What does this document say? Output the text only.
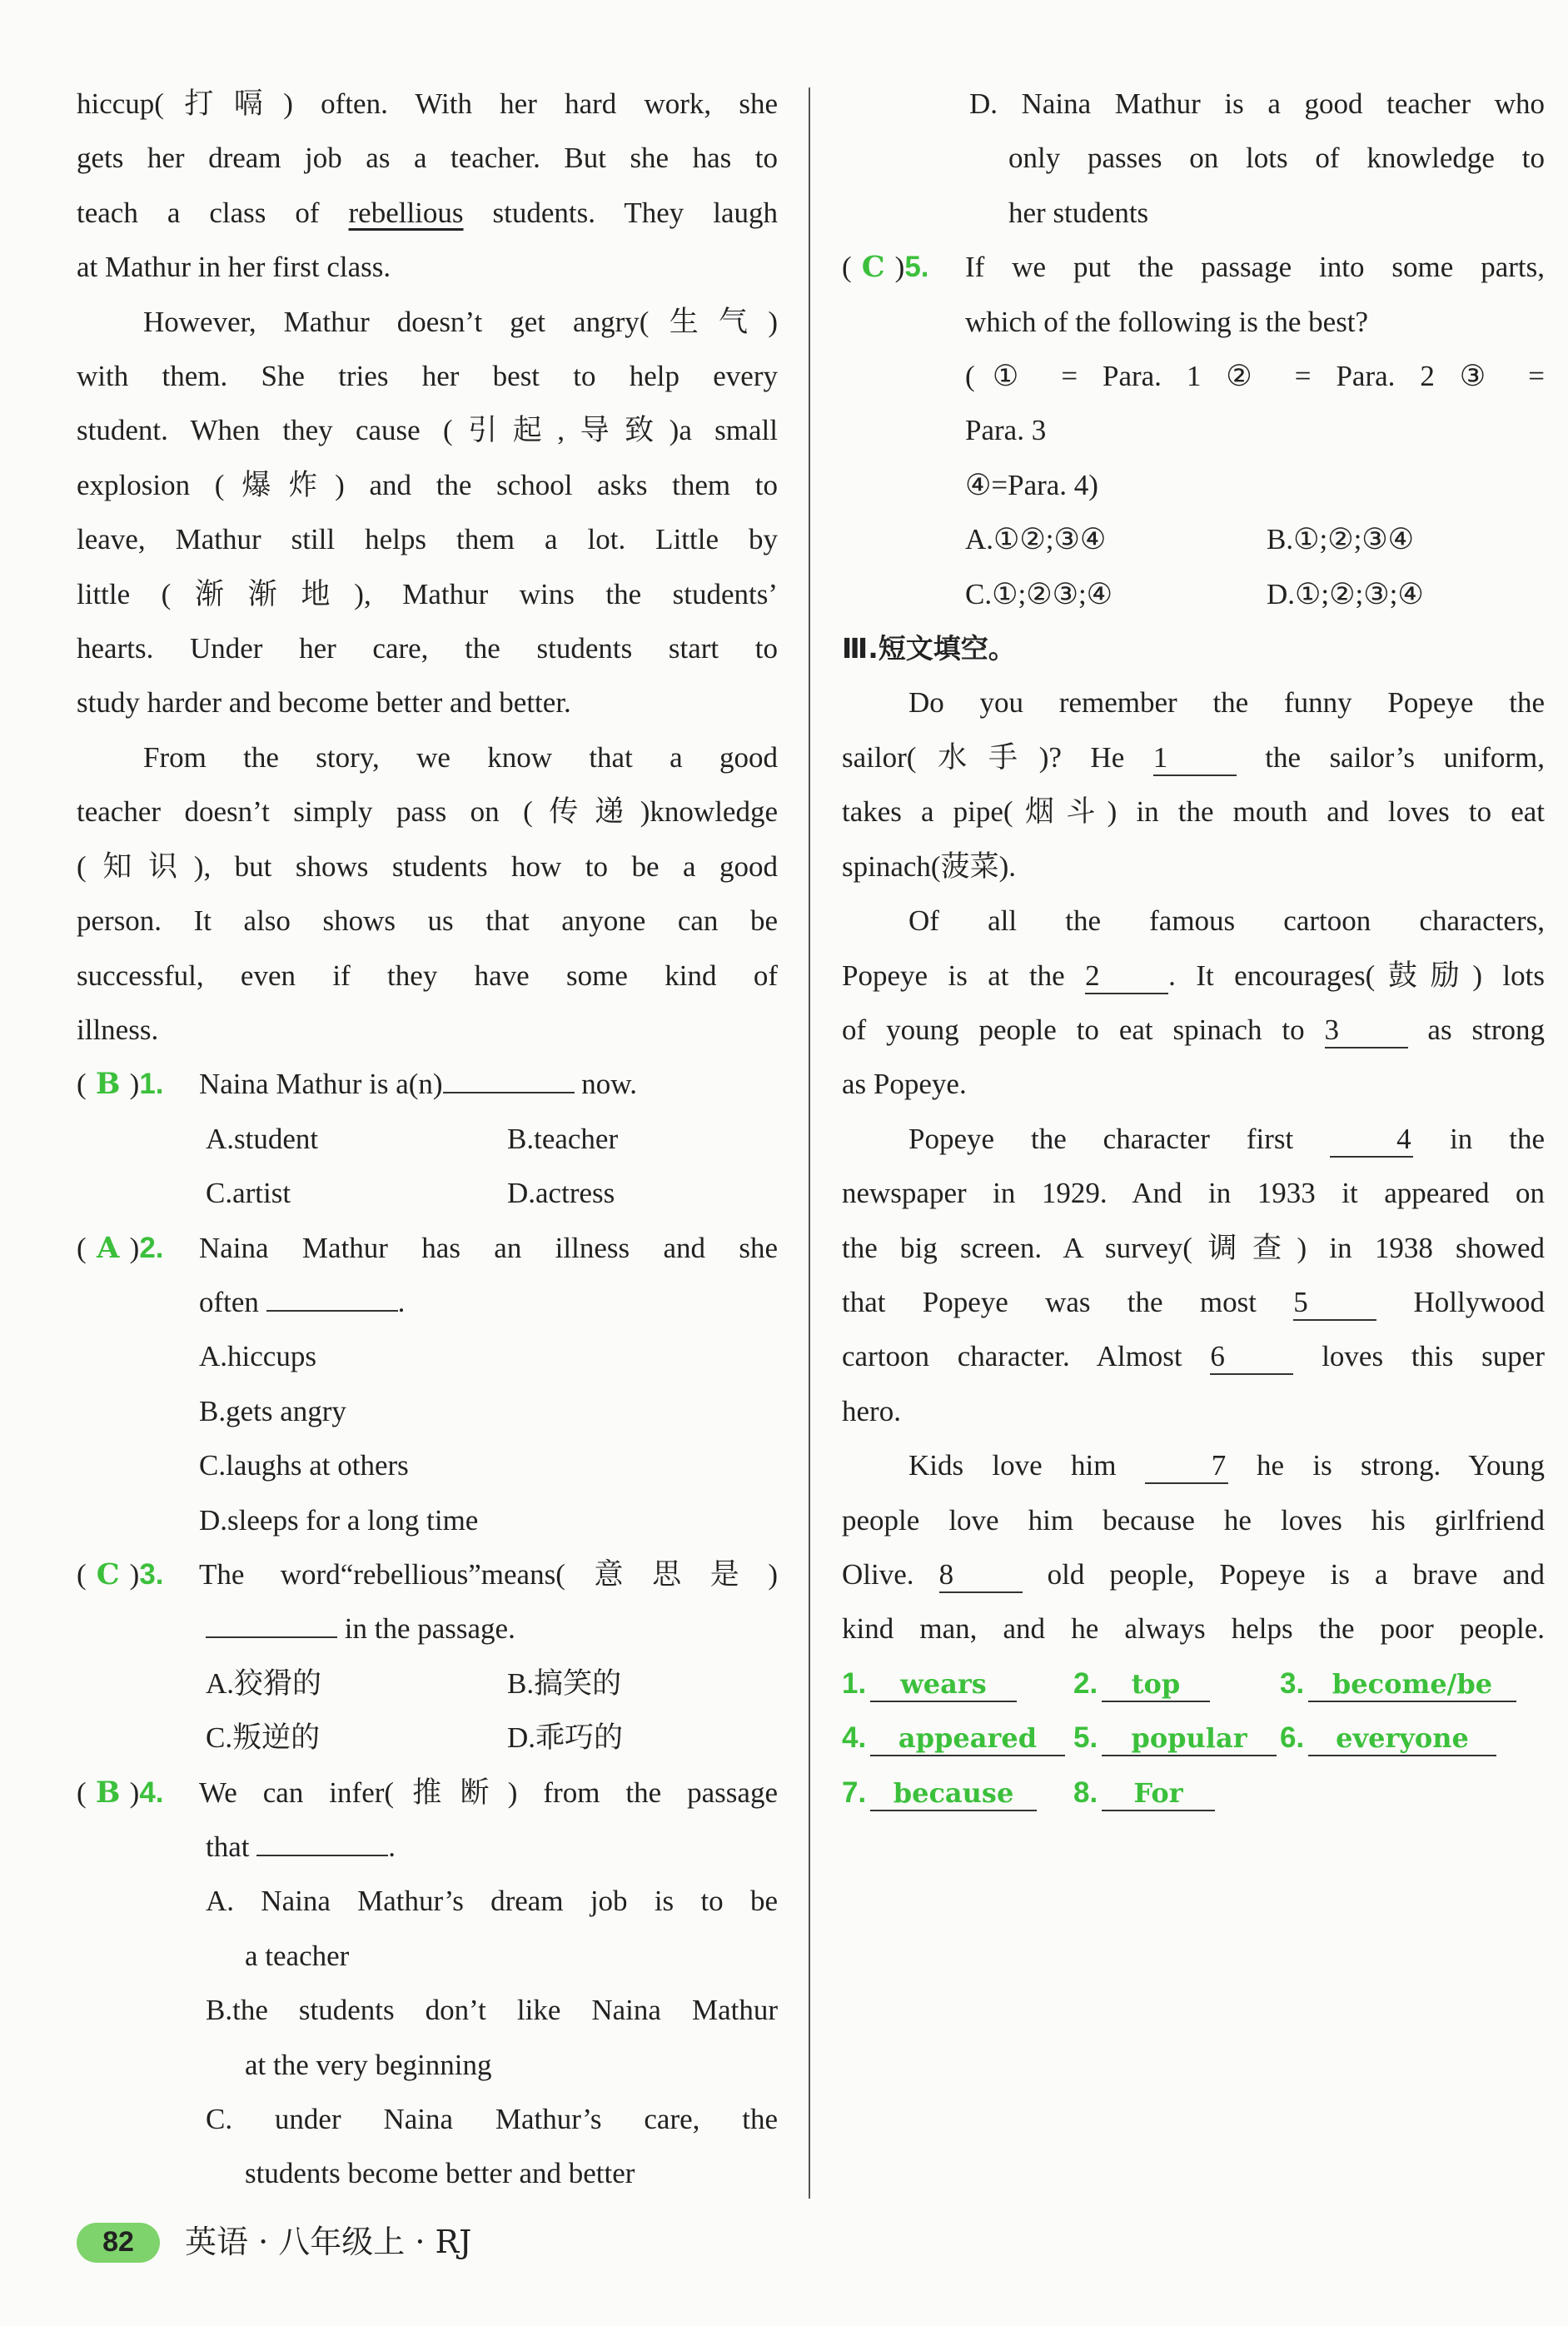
hiccup(打嗝) often. With her hard work, she

gets her dream job as a teacher. But she has to

teach a class of rebellious students. They laugh

at Mathur in her first class.

However, Mathur doesn’t get angry(生气)

with them. She tries her best to help every

student. When they cause (引起,导致)a small

explosion (爆炸) and the school asks them to

leave, Mathur still helps them a lot. Little by

little (渐渐地), Mathur wins the students’

hearts. Under her care, the students start to

study harder and become better and better.

From the story, we know that a good

teacher doesn’t simply pass on (传递)knowledge

(知识), but shows students how to be a good

person. It also shows us that anyone can be

successful, even if they have some kind of

illness.

( B )1.	Naina Mathur is a(n)	now.
A.student	B.teacher
C.artist	D.actress
( A )2.	Naina Mathur has an illness and she

often	.

A.hiccups

B.gets angry

C.laughs at others

D.sleeps for a long time

( C )3.	The word“rebellious”means(意思是)

in the passage.

A.狡猾的	B.搞笑的
C.叛逆的	D.乖巧的
( B )4.	We can infer(推断) from the passage

that	.

A. Naina Mathur’s dream job is to be

a teacher

B.the students don’t like Naina Mathur

at the very beginning

C. under Naina Mathur’s care, the

students become better and better

D. Naina Mathur is a good teacher who

only passes on lots of knowledge to

her students

( C )5.	If we put the passage into some parts,

which of the following is the best?

(① = Para. 1 ② = Para. 2 ③ =

Para. 3

④=Para. 4)

A.①②;③④	B.①;②;③④
C.①;②③;④	D.①;②;③;④

Ⅲ.短文填空。

Do you remember the funny Popeye the

sailor(水手)? He 1 the sailor’s uniform,

takes a pipe(烟斗) in the mouth and loves to eat

spinach(菠菜).

Of all the famous cartoon characters,

Popeye is at the 2 . It encourages(鼓励) lots

of young people to eat spinach to 3 as strong

as Popeye.

Popeye the character first 4 in the

newspaper in 1929. And in 1933 it appeared on

the big screen. A survey(调查) in 1938 showed

that Popeye was the most 5 Hollywood

cartoon character. Almost 6 loves this super

hero.

Kids love him 7 he is strong. Young

people love him because he loves his girlfriend

Olive. 8 old people, Popeye is a brave and

kind man, and he always helps the poor people.

1.	wears	2.	top	3.	become/be
4.	appeared	5.	popular	6.	everyone
7.	because	8.	For
82 英语 · 八年级上 · RJ
